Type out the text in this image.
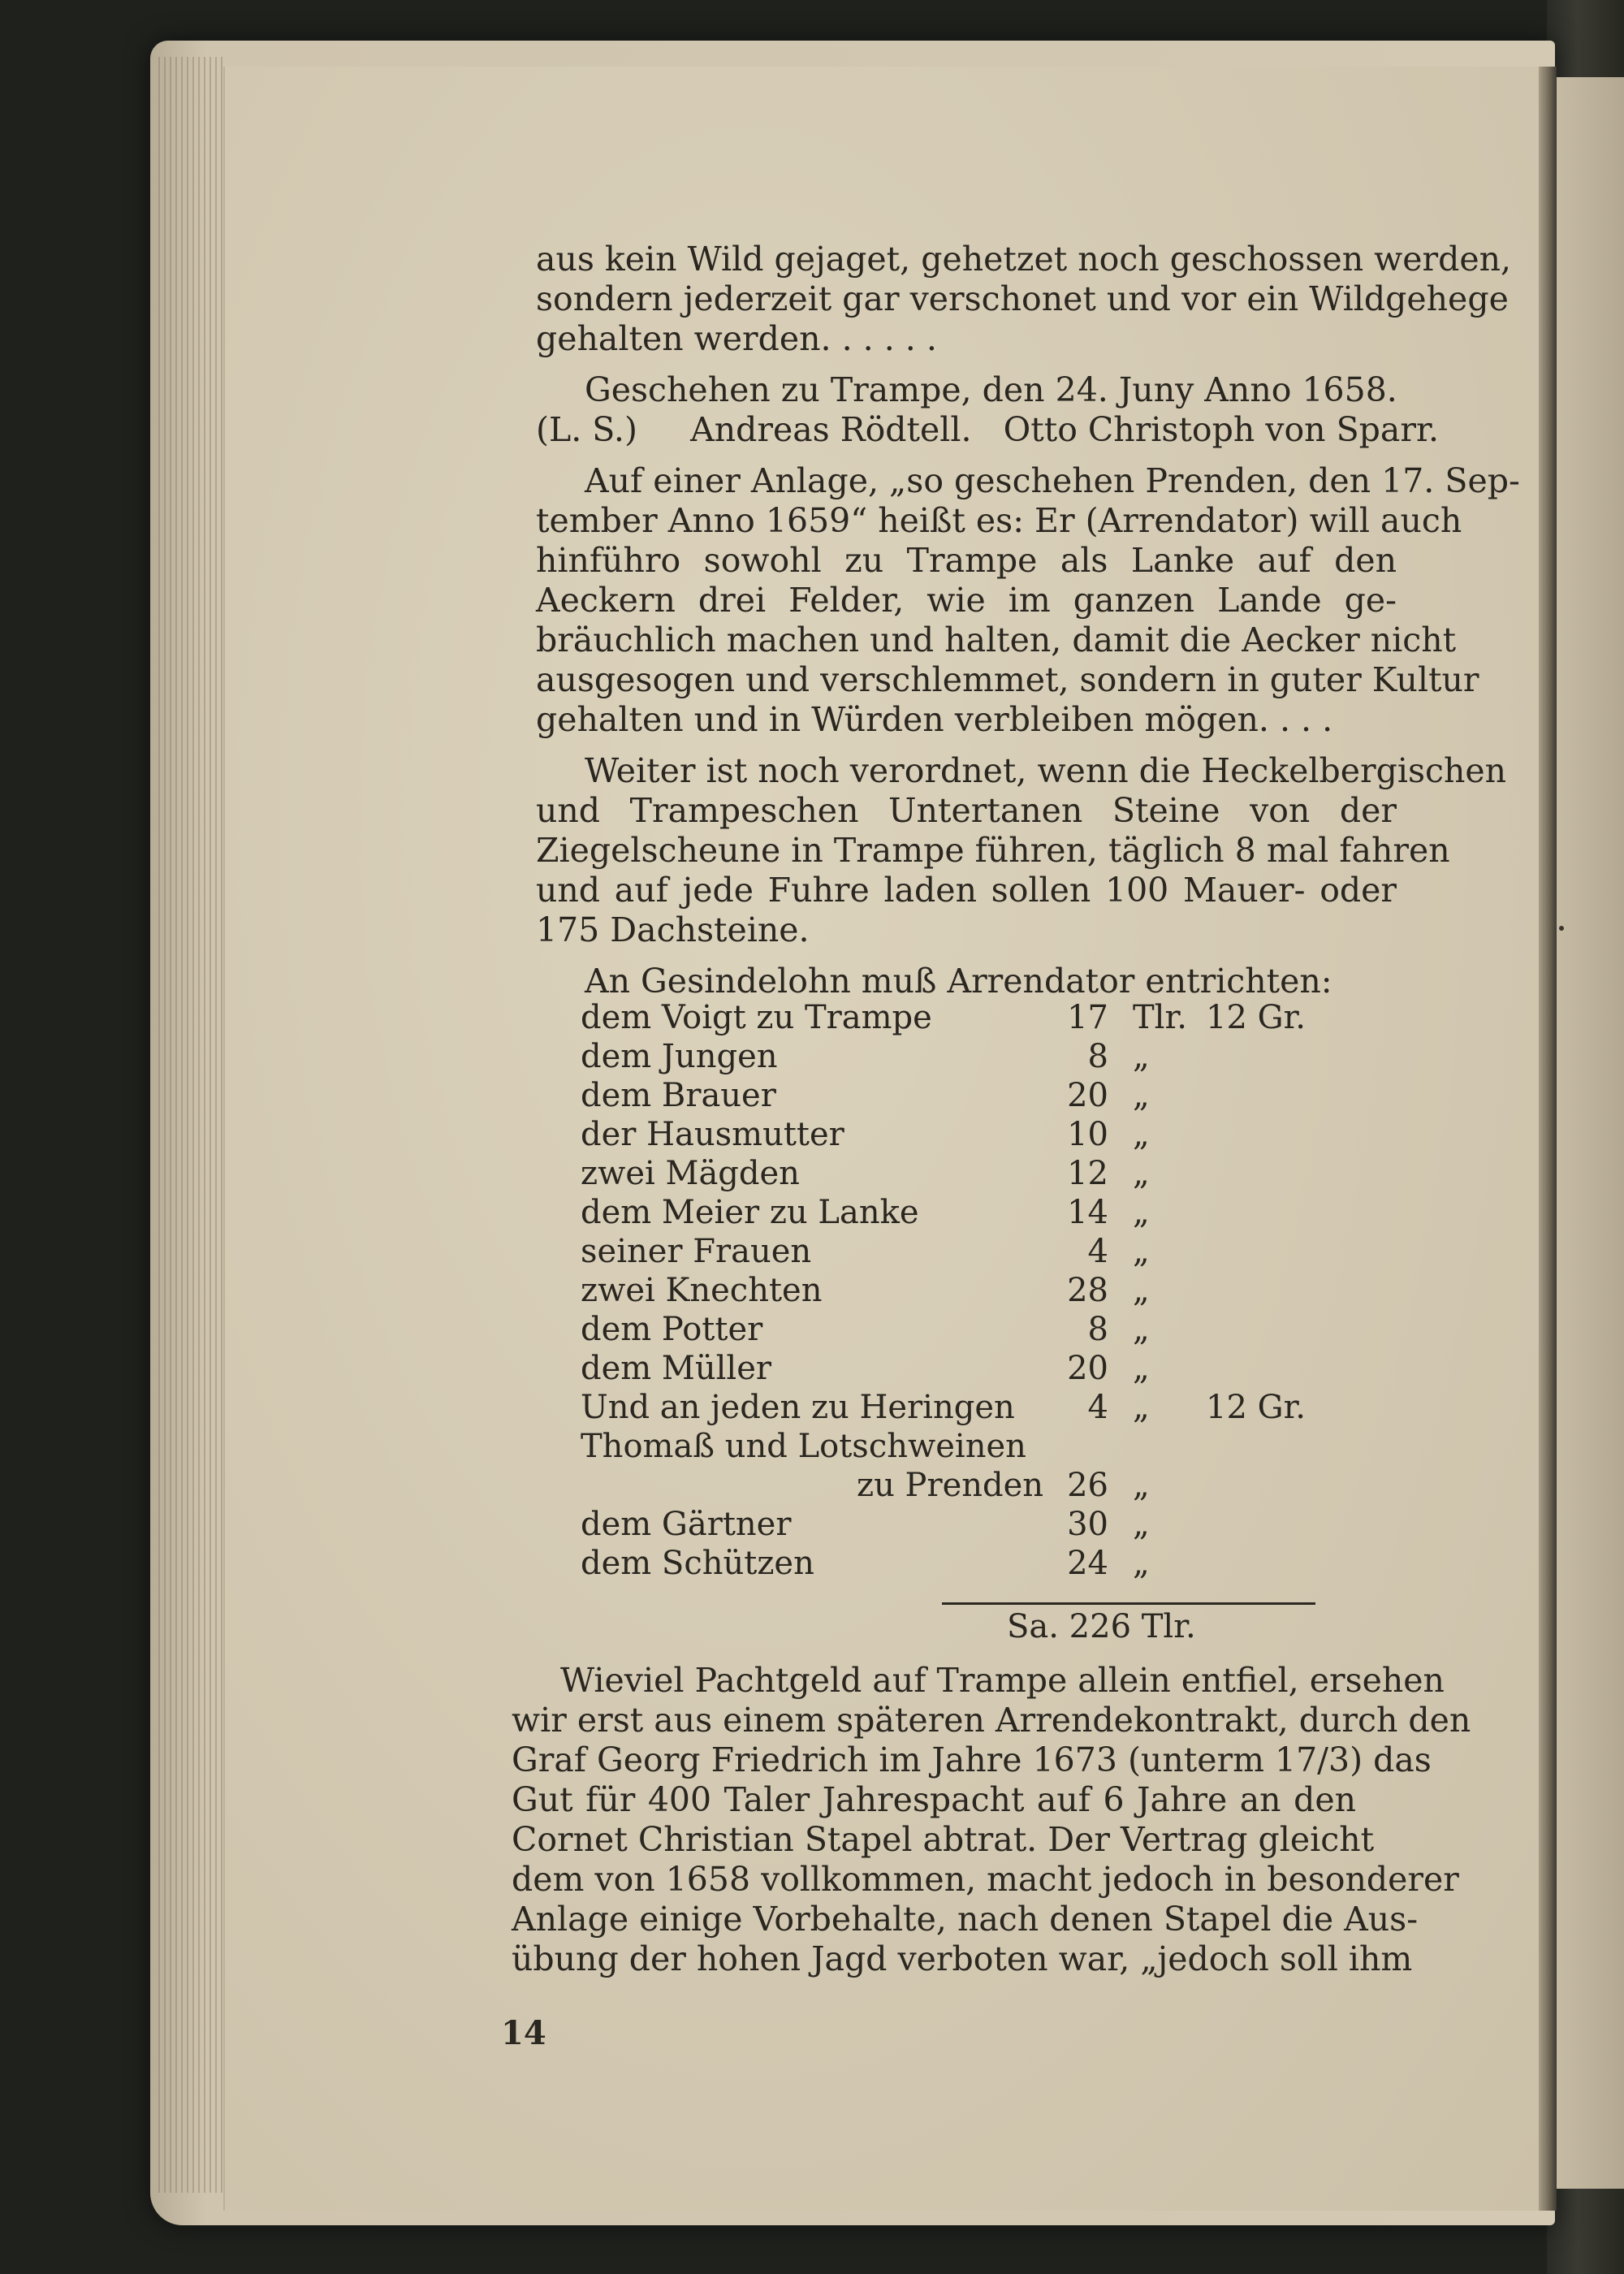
aus kein Wild gejaget, gehetzet noch geschossen werden,
sondern jederzeit gar verschonet und vor ein Wildgehege
gehalten werden. . . . . .
Geschehen zu Trampe, den 24. Juny Anno 1658.
(L. S.)     Andreas Rödtell.   Otto Christoph von Sparr.
Auf einer Anlage, „so geschehen Prenden, den 17. Sep-
tember Anno 1659“ heißt es: Er (Arrendator) will auch
hinführo sowohl zu Trampe als Lanke auf den
Aeckern drei Felder, wie im ganzen Lande ge-
bräuchlich machen und halten, damit die Aecker nicht
ausgesogen und verschlemmet, sondern in guter Kultur
gehalten und in Würden verbleiben mögen. . . .
Weiter ist noch verordnet, wenn die Heckelbergischen
und Trampeschen Untertanen Steine von der
Ziegelscheune in Trampe führen, täglich 8 mal fahren
und auf jede Fuhre laden sollen 100 Mauer- oder
175 Dachsteine.
An Gesindelohn muß Arrendator entrichten:
dem Voigt zu Trampe	17 Tlr. 12 Gr.
dem Jungen	8 „
dem Brauer	20 „
der Hausmutter	10 „
zwei Mägden	12 „
dem Meier zu Lanke	14 „
seiner Frauen	4 „
zwei Knechten	28 „
dem Potter	8 „
dem Müller	20 „
Und an jeden zu Heringen	4 „ 12 Gr.
Thomaß und Lotschweinen
zu Prenden 26 „
dem Gärtner	30 „
dem Schützen	24 „
Sa. 226 Tlr.
Wieviel Pachtgeld auf Trampe allein entfiel, ersehen
wir erst aus einem späteren Arrendekontrakt, durch den
Graf Georg Friedrich im Jahre 1673 (unterm 17/3) das
Gut für 400 Taler Jahrespacht auf 6 Jahre an den
Cornet Christian Stapel abtrat. Der Vertrag gleicht
dem von 1658 vollkommen, macht jedoch in besonderer
Anlage einige Vorbehalte, nach denen Stapel die Aus-
übung der hohen Jagd verboten war, „jedoch soll ihm
14
